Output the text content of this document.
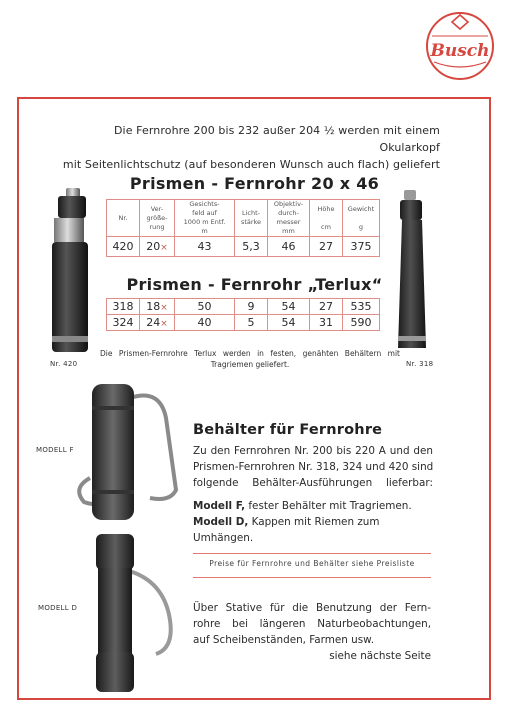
Busch
Die Fernrohre 200 bis 232 außer 204 ½ werden mit einem Okularkopf
mit Seitenlichtschutz (auf besonderen Wunsch auch flach) geliefert
Prismen - Fernrohr 20 x 46
Nr.	Ver-
größe-
rung	Gesichts-
feld auf
1000 m Entf.
m	Licht-
stärke	Objektiv-
durch-
messer
mm	Höhe

cm	Gewicht

g
420	20×	43	5,3	46	27	375
Prismen - Fernrohr „Terlux“
318	18×	50	9	54	27	535
324	24×	40	5	54	31	590
Die Prismen-Fernrohre Terlux werden in festen, genähten Behältern mit Tragriemen geliefert.
Nr. 420	Nr. 318
MODELL F
MODELL D
Behälter für Fernrohre
Zu den Fernrohren Nr. 200 bis 220 A und den
Prismen-Fernrohren Nr. 318, 324 und 420 sind
folgende Behälter-Ausführungen lieferbar:
Modell F, fester Behälter mit Tragriemen.
Modell D, Kappen mit Riemen zum Umhängen.
Preise für Fernrohre und Behälter siehe Preisliste
Über Stative für die Benutzung der Fern-
rohre bei längeren Naturbeobachtungen,
auf Scheibenständen, Farmen usw.
siehe nächste Seite
